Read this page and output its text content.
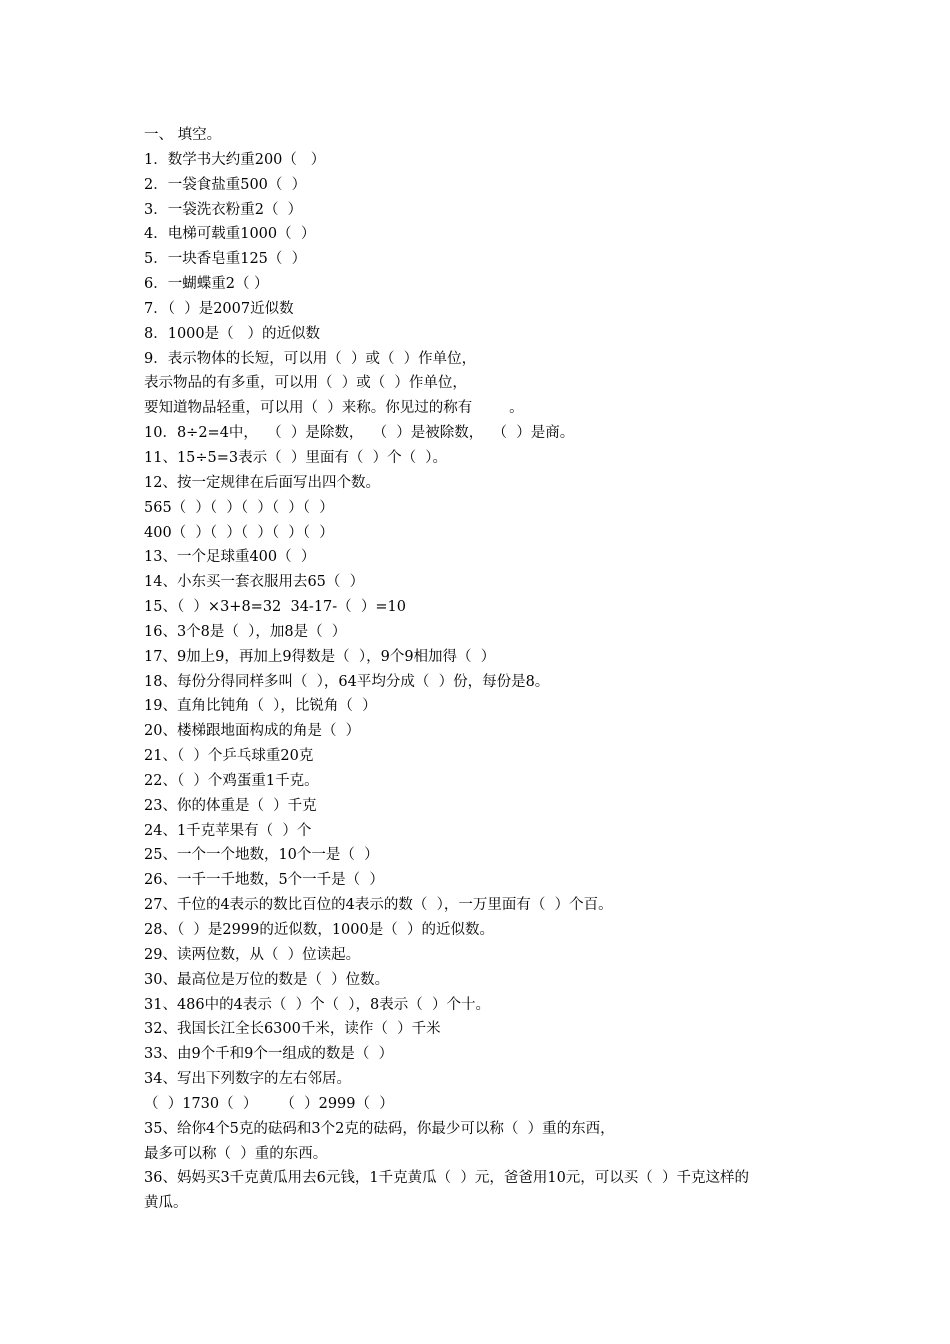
一、 填空。
1．数学书大约重200（   ）
2．一袋食盐重500（  ）
3．一袋洗衣粉重2（  ）
4．电梯可载重1000（  ）
5．一块香皂重125（  ）
6．一蝴蝶重2（ ）
7．（  ）是2007近似数
8．1000是（   ）的近似数
9．表示物体的长短，可以用（  ）或（  ）作单位，
表示物品的有多重，可以用（  ）或（  ）作单位，
要知道物品轻重，可以用（  ）来称。你见过的称有        。
10．8÷2=4中，  （  ）是除数，  （  ）是被除数，  （  ）是商。
11、15÷5=3表示（  ）里面有（  ）个（  ）。
12、按一定规律在后面写出四个数。
565（  ）（  ）（  ）（  ）（  ）
400（  ）（  ）（  ）（  ）（  ）
13、一个足球重400（  ）
14、小东买一套衣服用去65（  ）
15、（  ）×3+8=32  34-17-（  ）=10
16、3个8是（  ），加8是（  ）
17、9加上9，再加上9得数是（  ），9个9相加得（  ）
18、每份分得同样多叫（  ），64平均分成（  ）份，每份是8。
19、直角比钝角（  ），比锐角（  ）
20、楼梯跟地面构成的角是（  ）
21、（  ）个乒乓球重20克
22、（  ）个鸡蛋重1千克。
23、你的体重是（  ）千克
24、1千克苹果有（  ）个
25、一个一个地数，10个一是（  ）
26、一千一千地数，5个一千是（  ）
27、千位的4表示的数比百位的4表示的数（  ），一万里面有（  ）个百。
28、（  ）是2999的近似数，1000是（  ）的近似数。
29、读两位数，从（  ）位读起。
30、最高位是万位的数是（  ）位数。
31、486中的4表示（  ）个（  ），8表示（  ）个十。
32、我国长江全长6300千米，读作（  ）千米
33、由9个千和9个一组成的数是（  ）
34、写出下列数字的左右邻居。
（  ）1730（  ）     （  ）2999（  ）
35、给你4个5克的砝码和3个2克的砝码，你最少可以称（  ）重的东西，
最多可以称（  ）重的东西。
36、妈妈买3千克黄瓜用去6元钱，1千克黄瓜（  ）元，爸爸用10元，可以买（  ）千克这样的
黄瓜。
